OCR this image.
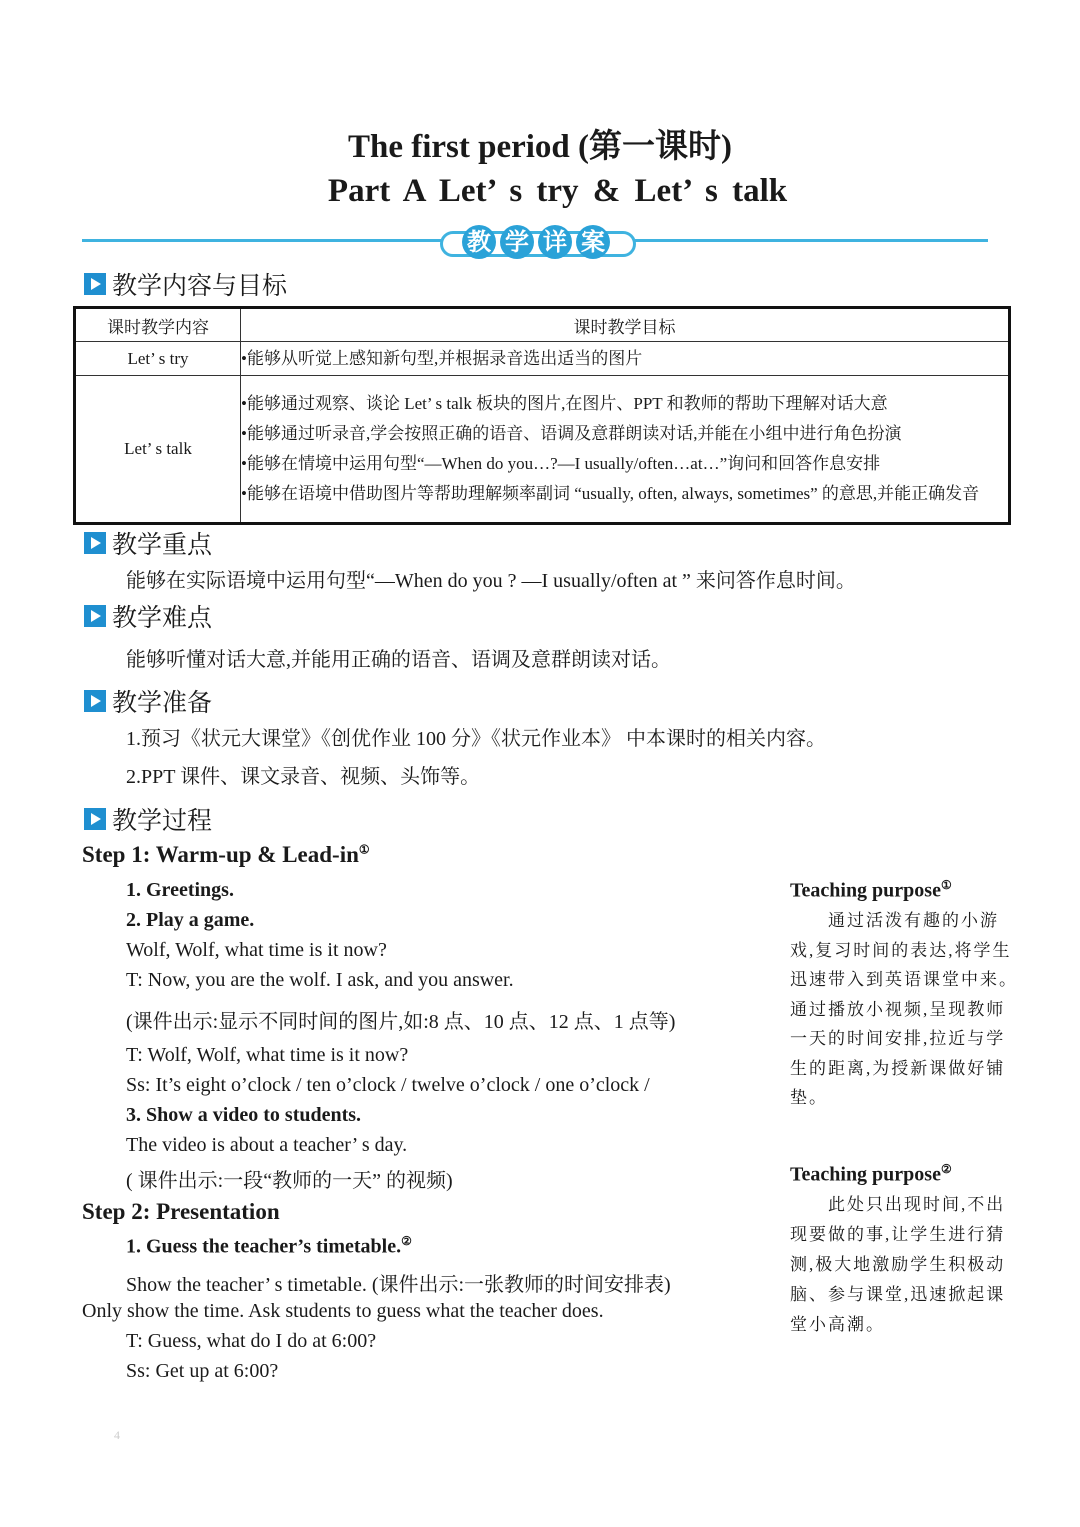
The first period (第一课时)
Part A Let’ s try & Let’ s talk
教 学 详 案
教学内容与目标
课时教学内容	课时教学目标
Let’ s try	•能够从听觉上感知新句型,并根据录音选出适当的图片
Let’ s talk	•能够通过观察、谈论 Let’ s talk 板块的图片,在图片、PPT 和教师的帮助下理解对话大意
•能够通过听录音,学会按照正确的语音、语调及意群朗读对话,并能在小组中进行角色扮演
•能够在情境中运用句型“—When do you…?—I usually/often…at…”询问和回答作息安排
•能够在语境中借助图片等帮助理解频率副词 “usually, often, always, sometimes” 的意思,并能正确发音
教学重点
能够在实际语境中运用句型“—When do you ? —I usually/often at ” 来问答作息时间。
教学难点
能够听懂对话大意,并能用正确的语音、语调及意群朗读对话。
教学准备
1.预习《状元大课堂》《创优作业 100 分》《状元作业本》 中本课时的相关内容。
2.PPT 课件、课文录音、视频、头饰等。
教学过程
Step 1: Warm-up & Lead-in①
1. Greetings.
2. Play a game.
Wolf, Wolf, what time is it now?
T: Now, you are the wolf. I ask, and you answer.
(课件出示:显示不同时间的图片,如:8 点、10 点、12 点、1 点等)
T: Wolf, Wolf, what time is it now?
Ss: It’s eight o’clock / ten o’clock / twelve o’clock / one o’clock /
3. Show a video to students.
The video is about a teacher’ s day.
( 课件出示:一段“教师的一天” 的视频)
Step 2: Presentation
1. Guess the teacher’s timetable.②
Show the teacher’ s timetable. (课件出示:一张教师的时间安排表)
Only show the time. Ask students to guess what the teacher does.
T: Guess, what do I do at 6:00?
Ss: Get up at 6:00?
Teaching purpose①
通过活泼有趣的小游戏,复习时间的表达,将学生迅速带入到英语课堂中来。通过播放小视频,呈现教师一天的时间安排,拉近与学生的距离,为授新课做好铺垫。
Teaching purpose②
此处只出现时间,不出现要做的事,让学生进行猜测,极大地激励学生积极动脑、参与课堂,迅速掀起课堂小高潮。
4
